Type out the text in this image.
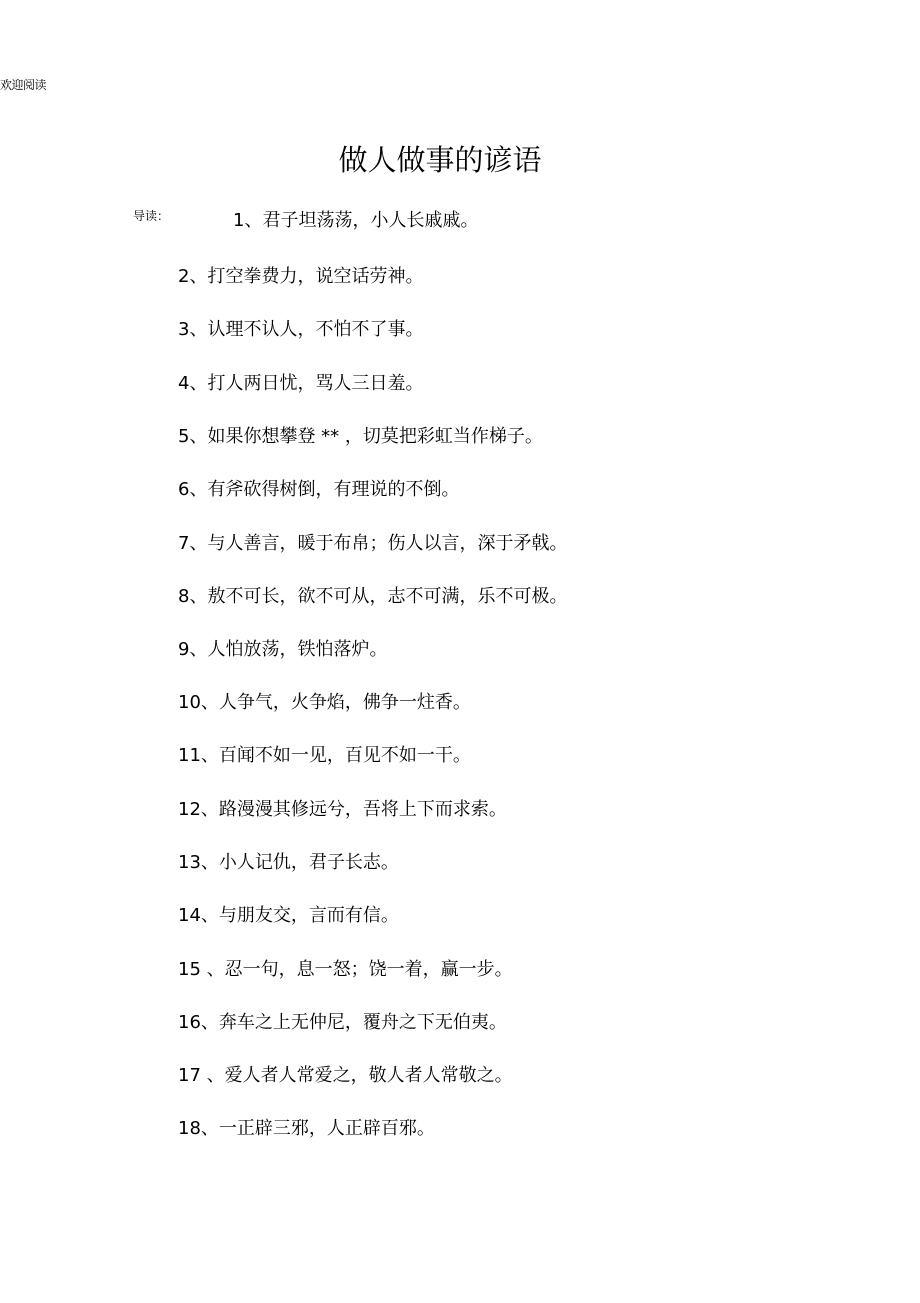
欢迎阅读
做人做事的谚语
导读：	1、君子坦荡荡，小人长戚戚。
2、打空拳费力，说空话劳神。
3、认理不认人，不怕不了事。
4、打人两日忧，骂人三日羞。
5、如果你想攀登 ** ，切莫把彩虹当作梯子。
6、有斧砍得树倒，有理说的不倒。
7、与人善言，暖于布帛；伤人以言，深于矛戟。
8、敖不可长，欲不可从，志不可满，乐不可极。
9、人怕放荡，铁怕落炉。
10、人争气，火争焰，佛争一炷香。
11、百闻不如一见，百见不如一干。
12、路漫漫其修远兮，吾将上下而求索。
13、小人记仇，君子长志。
14、与朋友交，言而有信。
15 、忍一句，息一怒；饶一着，赢一步。
16、奔车之上无仲尼，覆舟之下无伯夷。
17 、爱人者人常爱之，敬人者人常敬之。
18、一正辟三邪，人正辟百邪。
